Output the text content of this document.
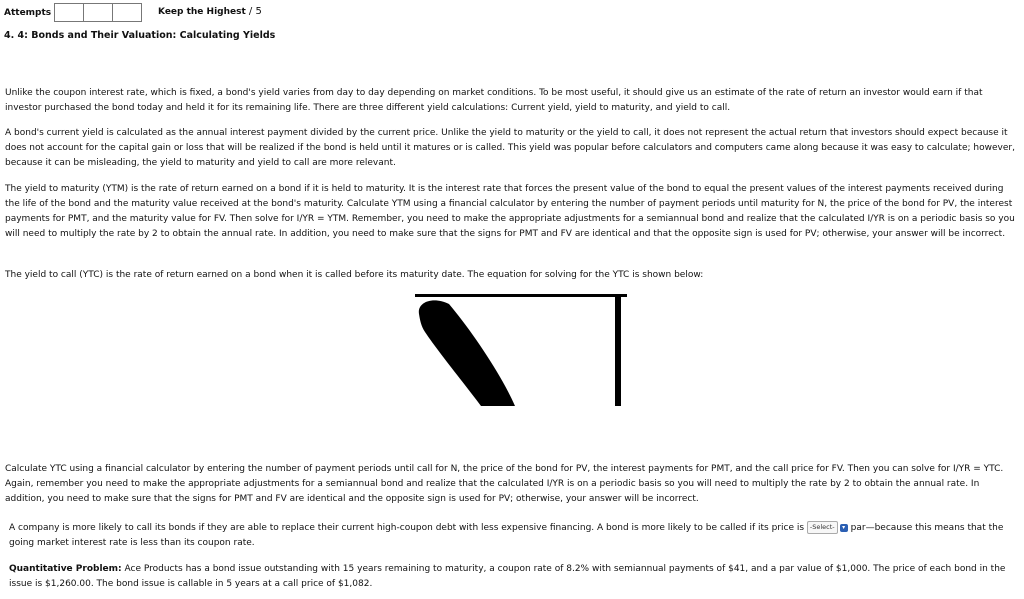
Attempts	Keep the Highest / 5
4. 4: Bonds and Their Valuation: Calculating Yields

Unlike the coupon interest rate, which is fixed, a bond's yield varies from day to day depending on market conditions. To be most useful, it should give us an estimate of the rate of return an investor would earn if that investor purchased the bond today and held it for its remaining life. There are three different yield calculations: Current yield, yield to maturity, and yield to call.

A bond's current yield is calculated as the annual interest payment divided by the current price. Unlike the yield to maturity or the yield to call, it does not represent the actual return that investors should expect because it does not account for the capital gain or loss that will be realized if the bond is held until it matures or is called. This yield was popular before calculators and computers came along because it was easy to calculate; however, because it can be misleading, the yield to maturity and yield to call are more relevant.

The yield to maturity (YTM) is the rate of return earned on a bond if it is held to maturity. It is the interest rate that forces the present value of the bond to equal the present values of the interest payments received during the life of the bond and the maturity value received at the bond's maturity. Calculate YTM using a financial calculator by entering the number of payment periods until maturity for N, the price of the bond for PV, the interest payments for PMT, and the maturity value for FV. Then solve for I/YR = YTM. Remember, you need to make the appropriate adjustments for a semiannual bond and realize that the calculated I/YR is on a periodic basis so you will need to multiply the rate by 2 to obtain the annual rate. In addition, you need to make sure that the signs for PMT and FV are identical and that the opposite sign is used for PV; otherwise, your answer will be incorrect.

The yield to call (YTC) is the rate of return earned on a bond when it is called before its maturity date. The equation for solving for the YTC is shown below:

Calculate YTC using a financial calculator by entering the number of payment periods until call for N, the price of the bond for PV, the interest payments for PMT, and the call price for FV. Then you can solve for I/YR = YTC. Again, remember you need to make the appropriate adjustments for a semiannual bond and realize that the calculated I/YR is on a periodic basis so you will need to multiply the rate by 2 to obtain the annual rate. In addition, you need to make sure that the signs for PMT and FV are identical and the opposite sign is used for PV; otherwise, your answer will be incorrect.

A company is more likely to call its bonds if they are able to replace their current high-coupon debt with less expensive financing. A bond is more likely to be called if its price is -Select- ▾ par—because this means that the going market interest rate is less than its coupon rate.

Quantitative Problem: Ace Products has a bond issue outstanding with 15 years remaining to maturity, a coupon rate of 8.2% with semiannual payments of $41, and a par value of $1,000. The price of each bond in the issue is $1,260.00. The bond issue is callable in 5 years at a call price of $1,082.
